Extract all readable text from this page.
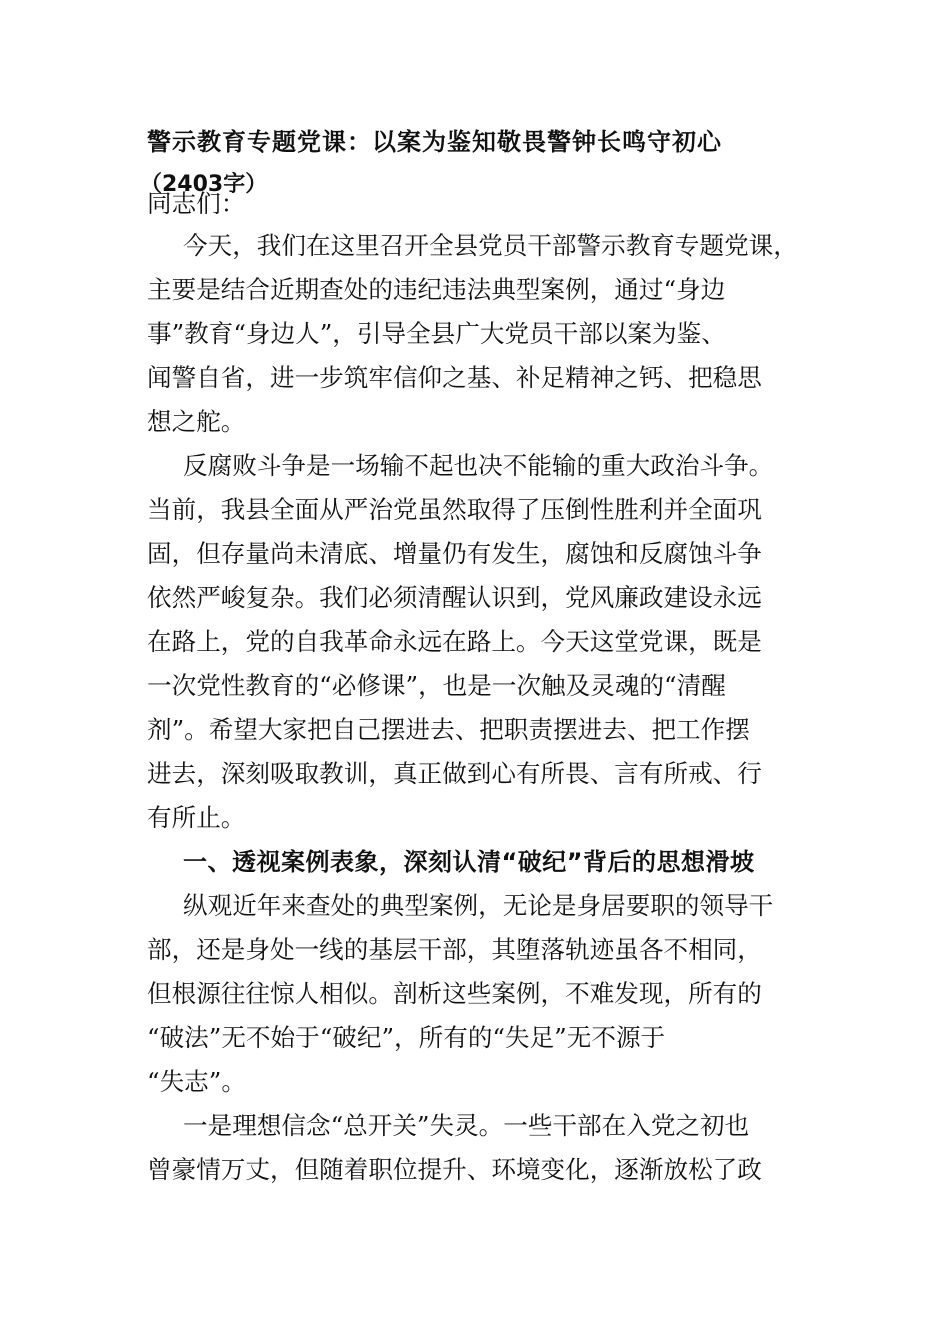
警示教育专题党课：以案为鉴知敬畏警钟长鸣守初心
（2403字）
同志们：
今天，我们在这里召开全县党员干部警示教育专题党课，
主要是结合近期查处的违纪违法典型案例，通过“身边
事”教育“身边人”，引导全县广大党员干部以案为鉴、
闻警自省，进一步筑牢信仰之基、补足精神之钙、把稳思
想之舵。
反腐败斗争是一场输不起也决不能输的重大政治斗争。
当前，我县全面从严治党虽然取得了压倒性胜利并全面巩
固，但存量尚未清底、增量仍有发生，腐蚀和反腐蚀斗争
依然严峻复杂。我们必须清醒认识到，党风廉政建设永远
在路上，党的自我革命永远在路上。今天这堂党课，既是
一次党性教育的“必修课”，也是一次触及灵魂的“清醒
剂”。希望大家把自己摆进去、把职责摆进去、把工作摆
进去，深刻吸取教训，真正做到心有所畏、言有所戒、行
有所止。
一、透视案例表象，深刻认清“破纪”背后的思想滑坡
纵观近年来查处的典型案例，无论是身居要职的领导干
部，还是身处一线的基层干部，其堕落轨迹虽各不相同，
但根源往往惊人相似。剖析这些案例，不难发现，所有的
“破法”无不始于“破纪”，所有的“失足”无不源于
“失志”。
一是理想信念“总开关”失灵。一些干部在入党之初也
曾豪情万丈，但随着职位提升、环境变化，逐渐放松了政
